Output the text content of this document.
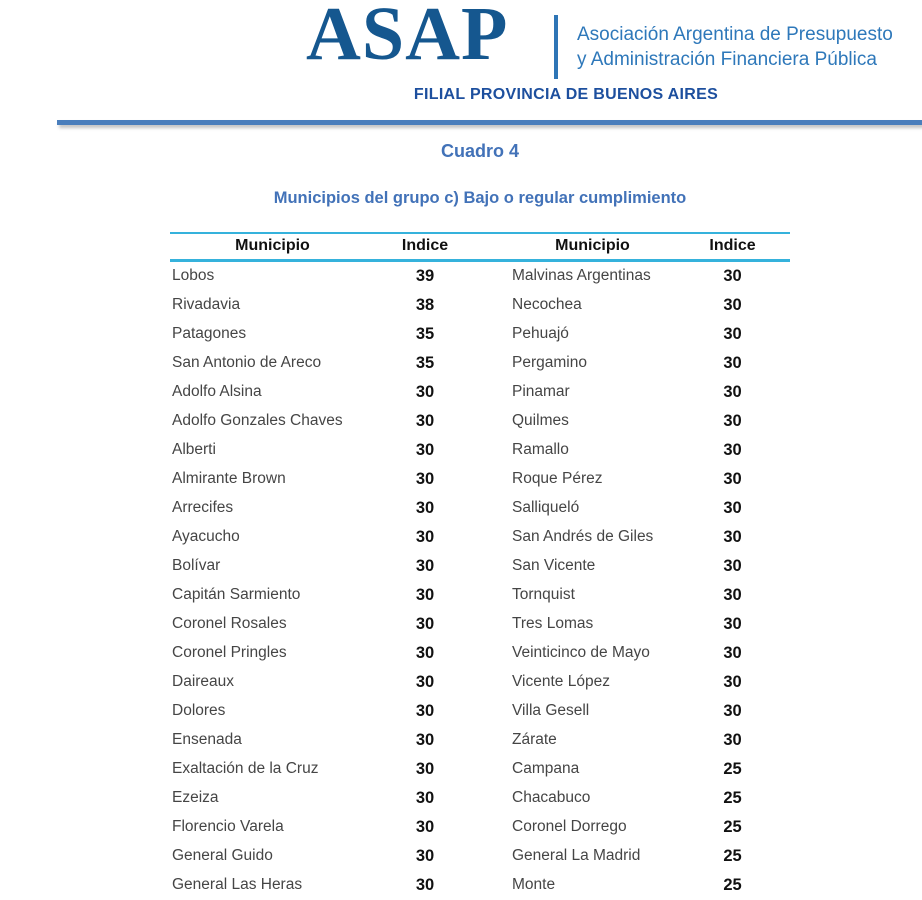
ASAP	Asociación Argentina de Presupuesto
y Administración Financiera Pública
FILIAL PROVINCIA DE BUENOS AIRES
Cuadro 4
Municipios del grupo c) Bajo o regular cumplimiento
Municipio	Indice	Municipio	Indice
Lobos	39	Malvinas Argentinas	30
Rivadavia	38	Necochea	30
Patagones	35	Pehuajó	30
San Antonio de Areco	35	Pergamino	30
Adolfo Alsina	30	Pinamar	30
Adolfo Gonzales Chaves	30	Quilmes	30
Alberti	30	Ramallo	30
Almirante Brown	30	Roque Pérez	30
Arrecifes	30	Salliqueló	30
Ayacucho	30	San Andrés de Giles	30
Bolívar	30	San Vicente	30
Capitán Sarmiento	30	Tornquist	30
Coronel Rosales	30	Tres Lomas	30
Coronel Pringles	30	Veinticinco de Mayo	30
Daireaux	30	Vicente López	30
Dolores	30	Villa Gesell	30
Ensenada	30	Zárate	30
Exaltación de la Cruz	30	Campana	25
Ezeiza	30	Chacabuco	25
Florencio Varela	30	Coronel Dorrego	25
General Guido	30	General La Madrid	25
General Las Heras	30	Monte	25
